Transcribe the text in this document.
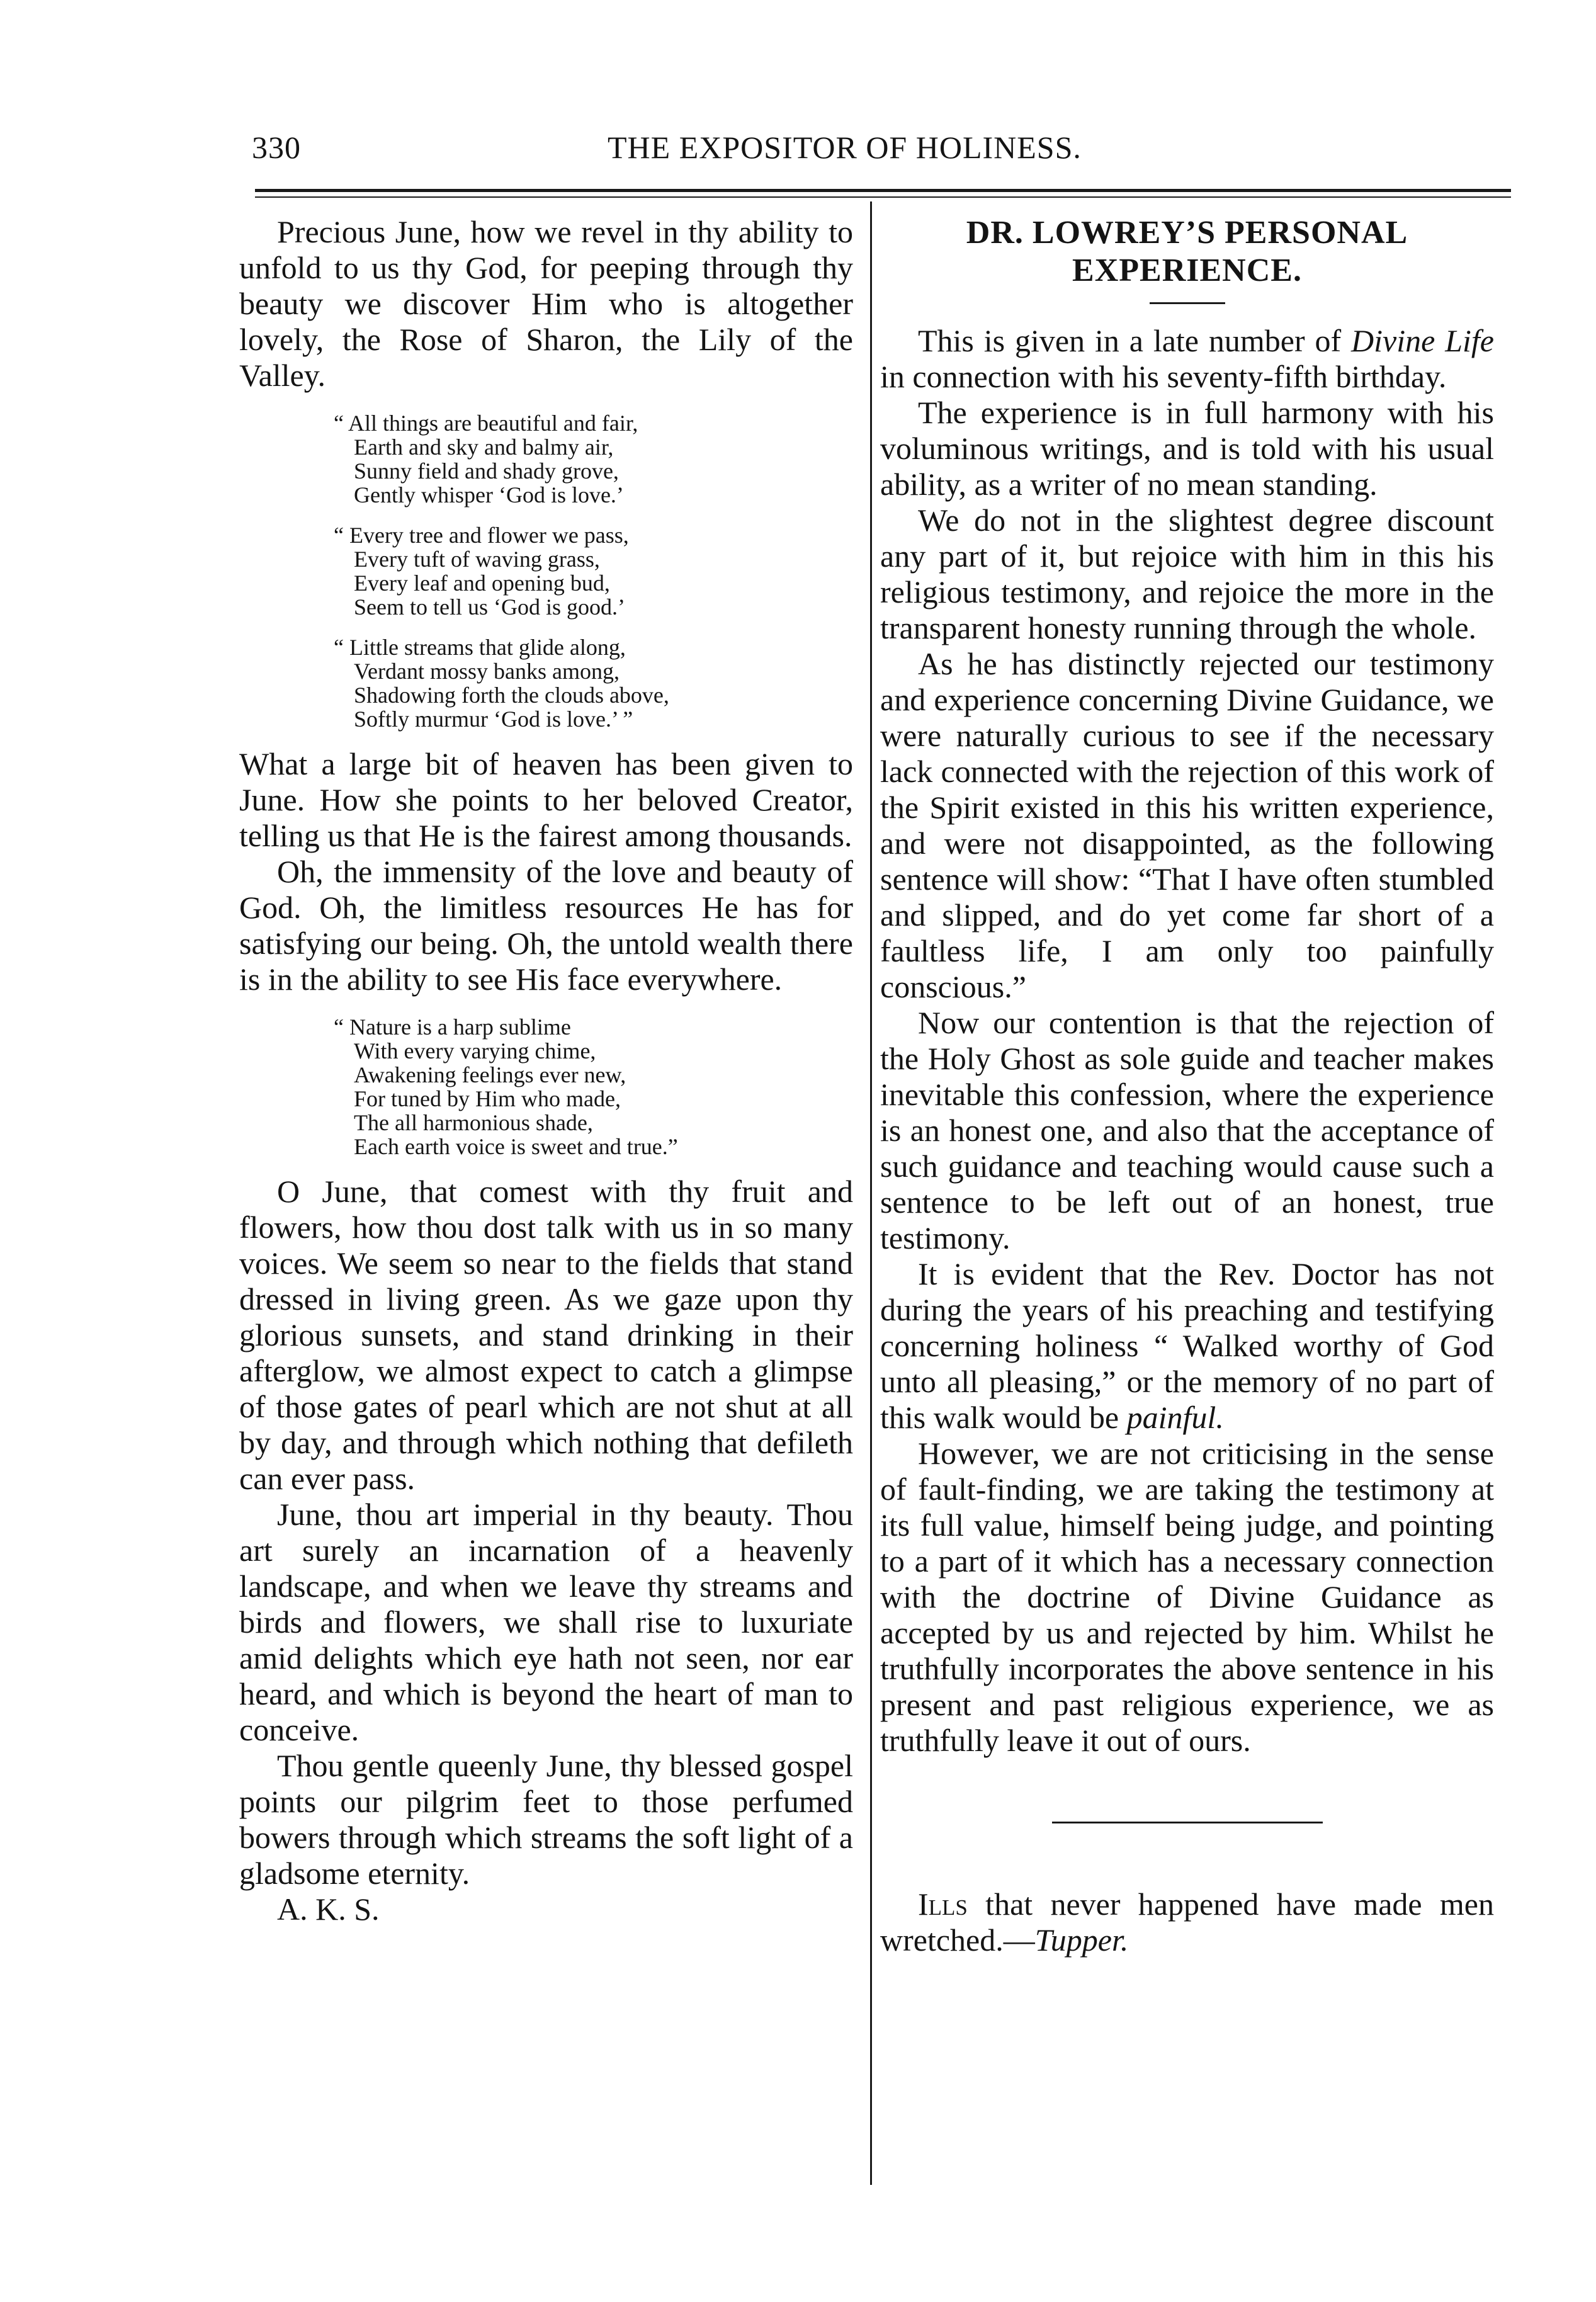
330	THE EXPOSITOR OF HOLINESS.

Precious June, how we revel in thy ability to unfold to us thy God, for peeping through thy beauty we discover Him who is altogether lovely, the Rose of Sharon, the Lily of the Valley.

“ All things are beautiful and fair,
Earth and sky and balmy air,
Sunny field and shady grove,
Gently whisper ‘God is love.’
“ Every tree and flower we pass,
Every tuft of waving grass,
Every leaf and opening bud,
Seem to tell us ‘God is good.’
“ Little streams that glide along,
Verdant mossy banks among,
Shadowing forth the clouds above,
Softly murmur ‘God is love.’ ”

What a large bit of heaven has been given to June. How she points to her beloved Creator, telling us that He is the fairest among thousands.

Oh, the immensity of the love and beauty of God. Oh, the limitless resources He has for satisfying our being. Oh, the untold wealth there is in the ability to see His face everywhere.

“ Nature is a harp sublime
With every varying chime,
Awakening feelings ever new,
For tuned by Him who made,
The all harmonious shade,
Each earth voice is sweet and true.”

O June, that comest with thy fruit and flowers, how thou dost talk with us in so many voices. We seem so near to the fields that stand dressed in living green. As we gaze upon thy glorious sunsets, and stand drinking in their afterglow, we almost expect to catch a glimpse of those gates of pearl which are not shut at all by day, and through which nothing that defileth can ever pass.

June, thou art imperial in thy beauty. Thou art surely an incarnation of a heavenly landscape, and when we leave thy streams and birds and flowers, we shall rise to luxuriate amid delights which eye hath not seen, nor ear heard, and which is beyond the heart of man to conceive.

Thou gentle queenly June, thy blessed gospel points our pilgrim feet to those perfumed bowers through which streams the soft light of a gladsome eternity.

A. K. S.

DR. LOWREY’S PERSONAL EXPERIENCE.

This is given in a late number of Divine Life in connection with his seventy-fifth birthday.

The experience is in full harmony with his voluminous writings, and is told with his usual ability, as a writer of no mean standing.

We do not in the slightest degree discount any part of it, but rejoice with him in this his religious testimony, and rejoice the more in the transparent honesty running through the whole.

As he has distinctly rejected our testimony and experience concerning Divine Guidance, we were naturally curious to see if the necessary lack connected with the rejection of this work of the Spirit existed in this his written experience, and were not disappointed, as the following sentence will show: “That I have often stumbled and slipped, and do yet come far short of a faultless life, I am only too painfully conscious.”

Now our contention is that the rejection of the Holy Ghost as sole guide and teacher makes inevitable this confession, where the experience is an honest one, and also that the acceptance of such guidance and teaching would cause such a sentence to be left out of an honest, true testimony.

It is evident that the Rev. Doctor has not during the years of his preaching and testifying concerning holiness “ Walked worthy of God unto all pleasing,” or the memory of no part of this walk would be painful.

However, we are not criticising in the sense of fault-finding, we are taking the testimony at its full value, himself being judge, and pointing to a part of it which has a necessary connection with the doctrine of Divine Guidance as accepted by us and rejected by him. Whilst he truthfully incorporates the above sentence in his present and past religious experience, we as truthfully leave it out of ours.

Ills that never happened have made men wretched.—Tupper.
